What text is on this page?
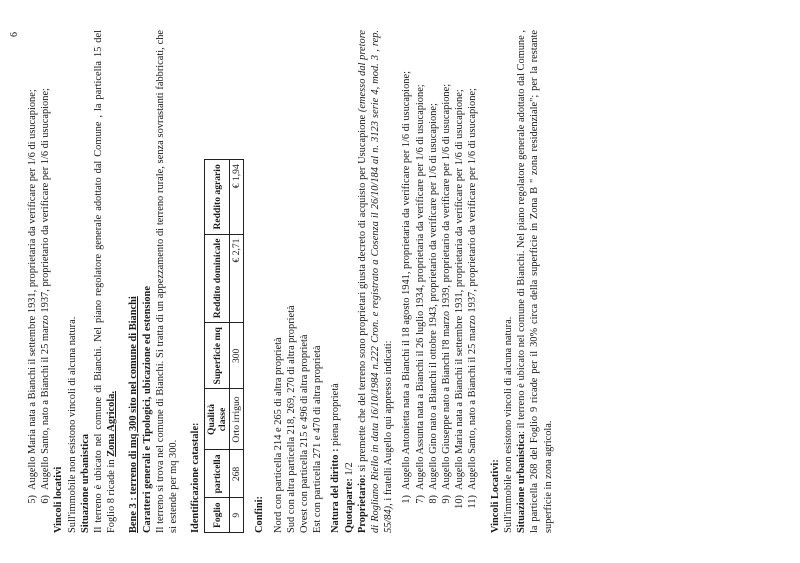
6
5)
Augello Maria nata a Bianchi il settembre 1931, proprietaria da verificare per 1/6 di usucapione;
6)
Augello Santo, nato a Bianchi il 25 marzo 1937, proprietario da verificare per 1/6 di usucapione;

Vincoli locativi Sull'immobile non esistono vincoli di alcuna natura. Situazione urbanistica Il terreno è ubicato nel comune di Bianchi. Nel piano regolatore generale adottato dal Comune , la particella 15 del Foglio 8 ricade in Zona Agricola. Bene 3 : terreno di mq 300 sito nel comune di Bianchi Caratteri generali e Tipologici, ubicazione ed estensione Il terreno si trova nel comune di Bianchi. Si tratta di un appezzamento di terreno rurale, senza sovrastanti fabbricati, che si estende per mq 300. Identificazione catastale: Foglio	particella	Qualità classe	Superficie mq	Reddito dominicale	Reddito agrario
9	268	Orto irriguo	300	€ 2,71	€ 1,94

Confini: Nord con particella 214 e 265 di altra proprietà Sud con altra particella 218, 269, 270 di altra proprietà Ovest con particella 215 e 496 di altra proprietà Est con particella 271 e 470 di altra proprietà Natura del diritto : piena proprietà

Quotaparte: 1/2

Proprietario: si premette che del terreno sono proprietari giusta decreto di acquisto per Usucapione (emesso dal pretore di Rogliano Riello in data 16/10/1984 n.222 Cron. e registrato a Cosenza il 26/10/184 al n. 3123 serie 4, mod. 3 , rep. 55/84), i fratelli Augello qui appresso indicati: 1)
Augello Antonietta nata a Bianchi il 18 agosto 1941, proprietaria da verificare per 1/6 di usucapione;
7)
Augello Assunta nata a Bianchi il 26 luglio 1934, proprietaria da verificare per 1/6 di usucapione;
8)
Augello Gino nato a Bianchi il ottobre 1943, proprietario da verificare per 1/6 di usucapione;
9)
Augello Giuseppe nato a Bianchi l'8 marzo 1939, proprietario da verificare per 1/6 di usucapione;
10)
Augello Maria nata a Bianchi il settembre 1931, proprietaria da verificare per 1/6 di usucapione;
11)
Augello Santo, nato a Bianchi il 25 marzo 1937, proprietario da verificare per 1/6 di usucapione;

Vincoli Locativi: Sull'immobile non esistono vincoli di alcuna natura. Situazione urbanistica: il terreno è ubicato nel comune di Bianchi. Nel piano regolatore generale adottato dal Comune , la particella 268 del Foglio 9 ricade per il 30% circa della superficie in Zona B " zona residenziale"; per la restante superficie in zona agricola.
